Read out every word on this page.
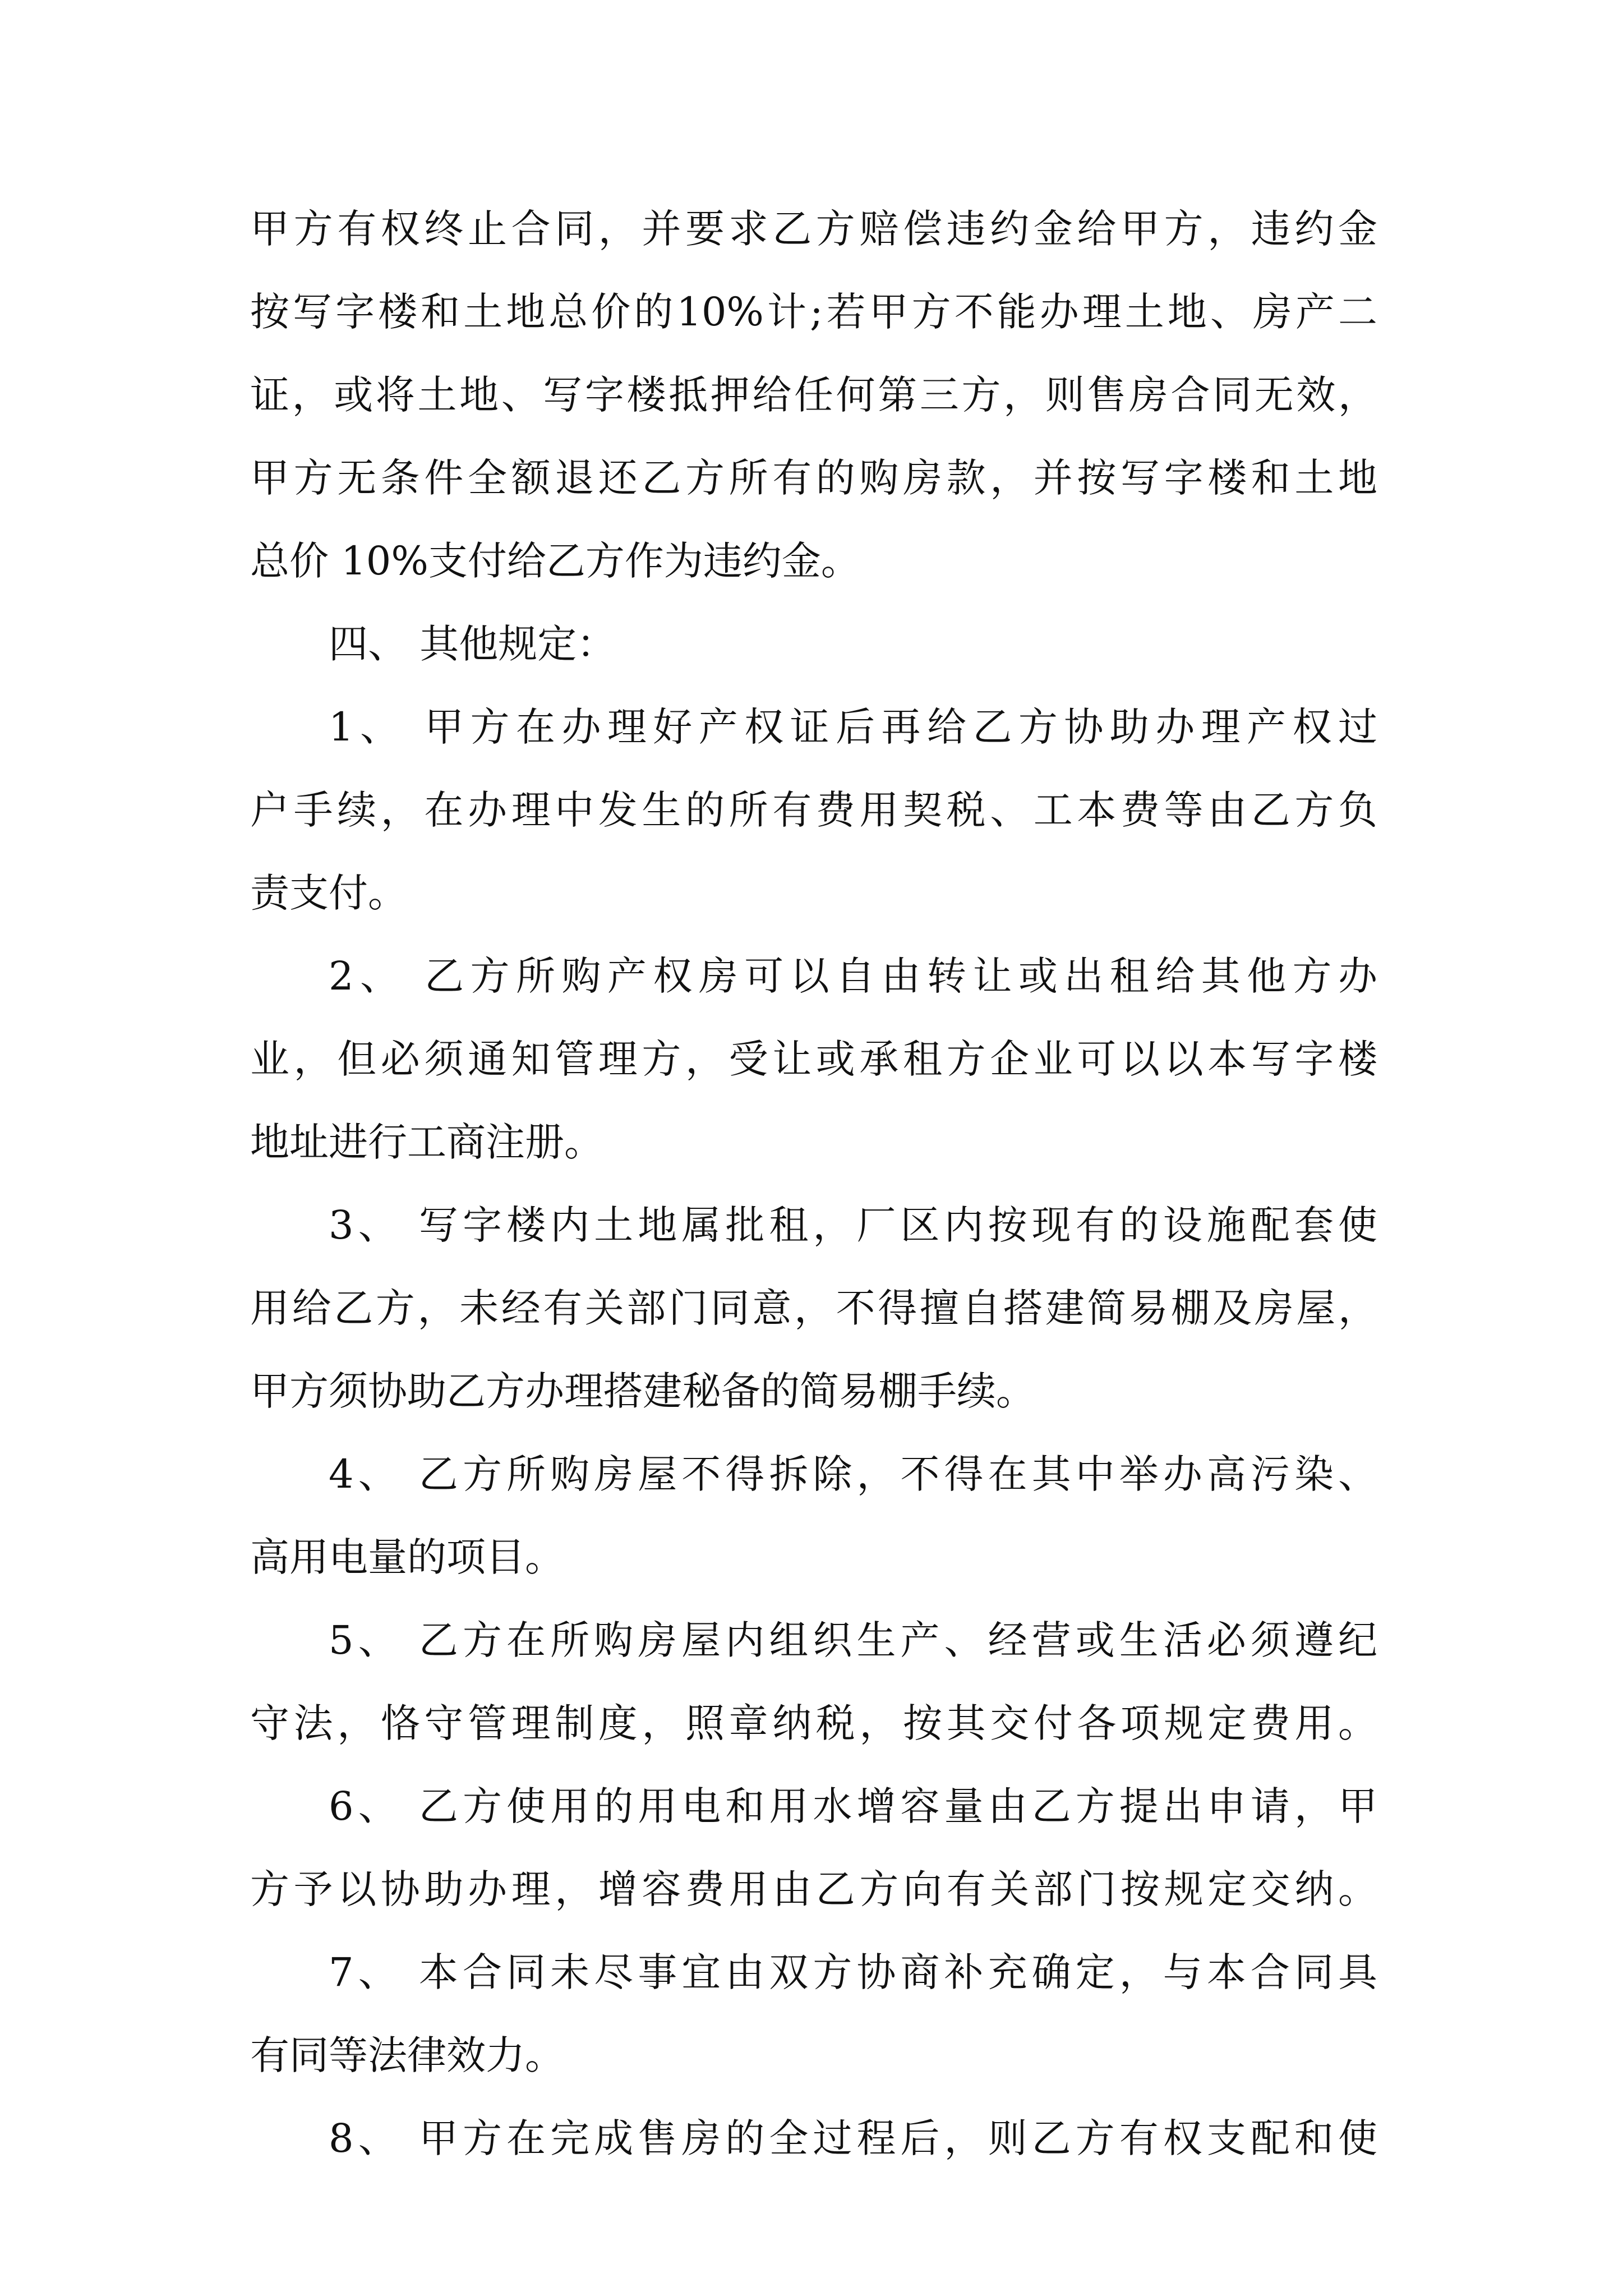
甲方有权终止合同，并要求乙方赔偿违约金给甲方，违约金
按写字楼和土地总价的10%计;若甲方不能办理土地、房产二
证，或将土地、写字楼抵押给任何第三方，则售房合同无效，
甲方无条件全额退还乙方所有的购房款，并按写字楼和土地
总价 10%支付给乙方作为违约金。
四、 其他规定：
1、 甲方在办理好产权证后再给乙方协助办理产权过
户手续，在办理中发生的所有费用契税、工本费等由乙方负
责支付。
2、 乙方所购产权房可以自由转让或出租给其他方办
业，但必须通知管理方，受让或承租方企业可以以本写字楼
地址进行工商注册。
3、 写字楼内土地属批租，厂区内按现有的设施配套使
用给乙方，未经有关部门同意，不得擅自搭建简易棚及房屋，
甲方须协助乙方办理搭建秘备的简易棚手续。
4、 乙方所购房屋不得拆除，不得在其中举办高污染、
高用电量的项目。
5、 乙方在所购房屋内组织生产、经营或生活必须遵纪
守法，恪守管理制度，照章纳税，按其交付各项规定费用。
6、 乙方使用的用电和用水增容量由乙方提出申请，甲
方予以协助办理，增容费用由乙方向有关部门按规定交纳。
7、 本合同未尽事宜由双方协商补充确定，与本合同具
有同等法律效力。
8、 甲方在完成售房的全过程后，则乙方有权支配和使
